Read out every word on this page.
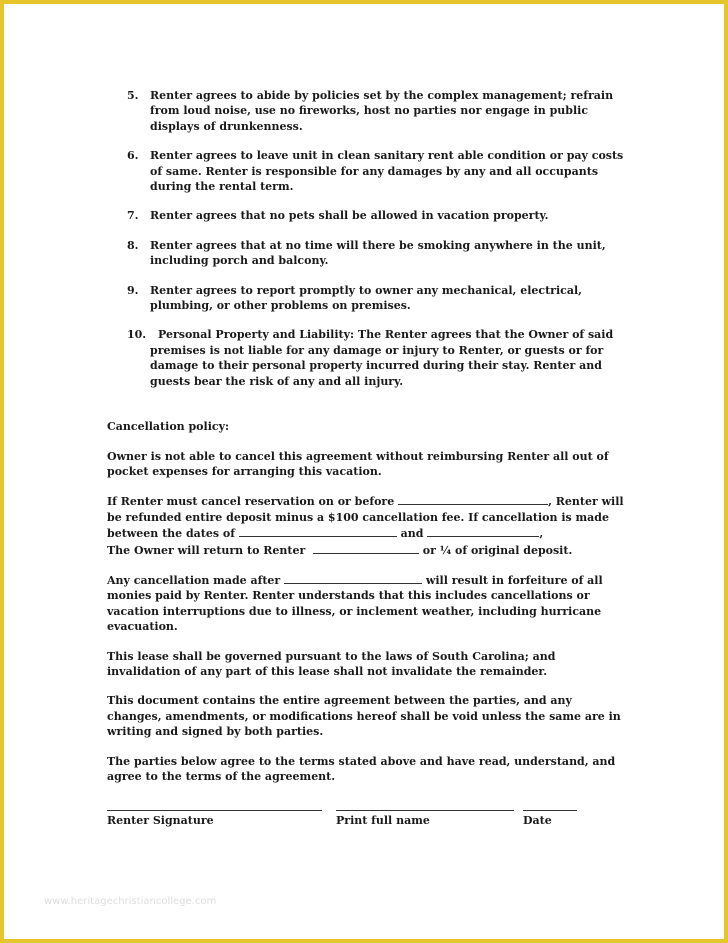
5. Renter agrees to abide by policies set by the complex management; refrain from loud noise, use no fireworks, host no parties nor engage in public displays of drunkenness.
6. Renter agrees to leave unit in clean sanitary rent able condition or pay costs of same. Renter is responsible for any damages by any and all occupants during the rental term.
7. Renter agrees that no pets shall be allowed in vacation property.
8. Renter agrees that at no time will there be smoking anywhere in the unit, including porch and balcony.
9. Renter agrees to report promptly to owner any mechanical, electrical, plumbing, or other problems on premises.
10. Personal Property and Liability: The Renter agrees that the Owner of said premises is not liable for any damage or injury to Renter, or guests or for damage to their personal property incurred during their stay. Renter and guests bear the risk of any and all injury.
Cancellation policy:
Owner is not able to cancel this agreement without reimbursing Renter all out of pocket expenses for arranging this vacation.
If Renter must cancel reservation on or before	, Renter will be refunded entire deposit minus a $100 cancellation fee. If cancellation is made between the dates of	and	,
The Owner will return to Renter	or ¼ of original deposit.
Any cancellation made after	will result in forfeiture of all monies paid by Renter. Renter understands that this includes cancellations or vacation interruptions due to illness, or inclement weather, including hurricane evacuation.
This lease shall be governed pursuant to the laws of South Carolina; and invalidation of any part of this lease shall not invalidate the remainder.
This document contains the entire agreement between the parties, and any changes, amendments, or modifications hereof shall be void unless the same are in writing and signed by both parties.
The parties below agree to the terms stated above and have read, understand, and agree to the terms of the agreement.
Renter Signature	Print full name	Date
www.heritagechristiancollege.com
